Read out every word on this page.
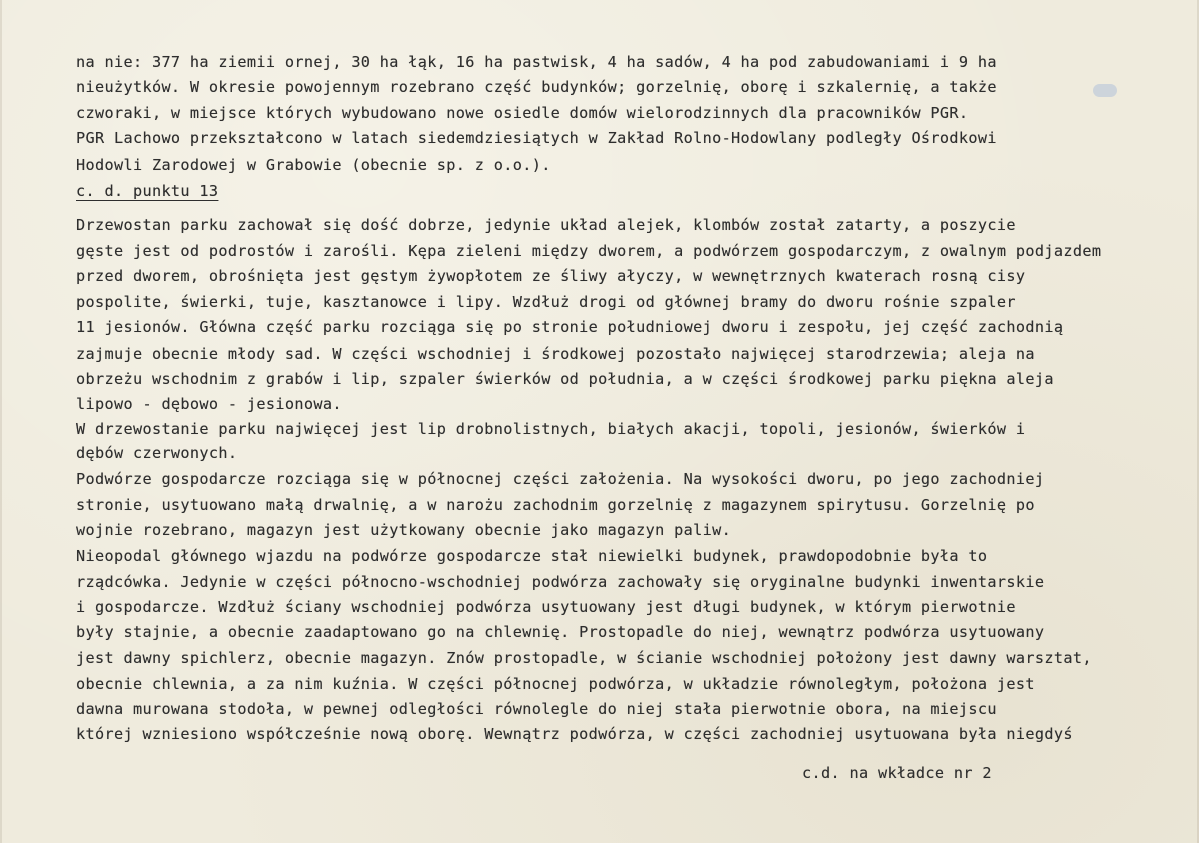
na nie: 377 ha ziemii ornej, 30 ha łąk, 16 ha pastwisk, 4 ha sadów, 4 ha pod zabudowaniami i 9 ha

nieużytków. W okresie powojennym rozebrano część budynków; gorzelnię, oborę i szkalernię, a także

czworaki, w miejsce których wybudowano nowe osiedle domów wielorodzinnych dla pracowników PGR.

PGR Lachowo przekształcono w latach siedemdziesiątych w Zakład Rolno-Hodowlany podległy Ośrodkowi

Hodowli Zarodowej w Grabowie (obecnie sp. z o.o.).

c. d. punktu 13

Drzewostan parku zachował się dość dobrze, jedynie układ alejek, klombów został zatarty, a poszycie

gęste jest od podrostów i zarośli. Kępa zieleni między dworem, a podwórzem gospodarczym, z owalnym podjazdem

przed dworem, obrośnięta jest gęstym żywopłotem ze śliwy ałyczy, w wewnętrznych kwaterach rosną cisy

pospolite, świerki, tuje, kasztanowce i lipy. Wzdłuż drogi od głównej bramy do dworu rośnie szpaler

11 jesionów. Główna część parku rozciąga się po stronie południowej dworu i zespołu, jej część zachodnią

zajmuje obecnie młody sad. W części wschodniej i środkowej pozostało najwięcej starodrzewia; aleja na

obrzeżu wschodnim z grabów i lip, szpaler świerków od południa, a w części środkowej parku piękna aleja

lipowo - dębowo - jesionowa.

W drzewostanie parku najwięcej jest lip drobnolistnych, białych akacji, topoli, jesionów, świerków i

dębów czerwonych.

Podwórze gospodarcze rozciąga się w północnej części założenia. Na wysokości dworu, po jego zachodniej

stronie, usytuowano małą drwalnię, a w narożu zachodnim gorzelnię z magazynem spirytusu. Gorzelnię po

wojnie rozebrano, magazyn jest użytkowany obecnie jako magazyn paliw.

Nieopodal głównego wjazdu na podwórze gospodarcze stał niewielki budynek, prawdopodobnie była to

rządcówka. Jedynie w części północno-wschodniej podwórza zachowały się oryginalne budynki inwentarskie

i gospodarcze. Wzdłuż ściany wschodniej podwórza usytuowany jest długi budynek, w którym pierwotnie

były stajnie, a obecnie zaadaptowano go na chlewnię. Prostopadle do niej, wewnątrz podwórza usytuowany

jest dawny spichlerz, obecnie magazyn. Znów prostopadle, w ścianie wschodniej położony jest dawny warsztat,

obecnie chlewnia, a za nim kuźnia. W części północnej podwórza, w układzie równoległym, położona jest

dawna murowana stodoła, w pewnej odległości równolegle do niej stała pierwotnie obora, na miejscu

której wzniesiono współcześnie nową oborę. Wewnątrz podwórza, w części zachodniej usytuowana była niegdyś

c.d. na wkładce nr 2
